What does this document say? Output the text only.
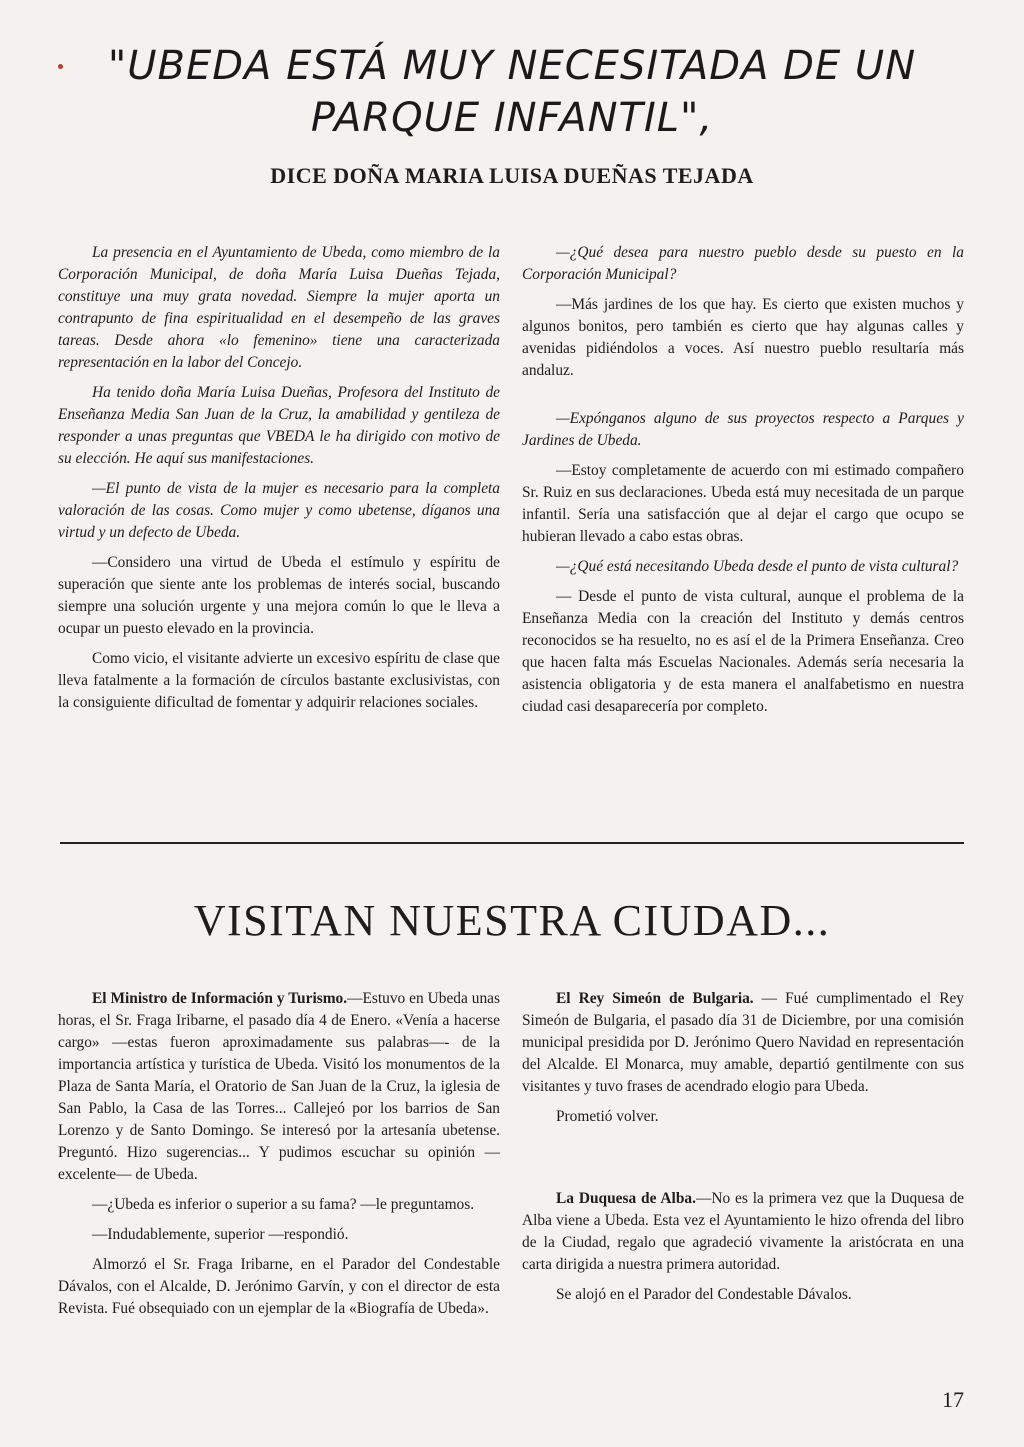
"UBEDA ESTÁ MUY NECESITADA DE UN PARQUE INFANTIL",
DICE DOÑA MARIA LUISA DUEÑAS TEJADA

La presencia en el Ayuntamiento de Ubeda, como miembro de la Corporación Municipal, de doña María Luisa Dueñas Tejada, constituye una muy grata novedad. Siempre la mujer aporta un contrapunto de fina espiritualidad en el desempeño de las graves tareas. Desde ahora «lo femenino» tiene una caracterizada representación en la labor del Concejo.

Ha tenido doña María Luisa Dueñas, Profesora del Instituto de Enseñanza Media San Juan de la Cruz, la amabilidad y gentileza de responder a unas preguntas que VBEDA le ha dirigido con motivo de su elección. He aquí sus manifestaciones.

—El punto de vista de la mujer es necesario para la completa valoración de las cosas. Como mujer y como ubetense, díganos una virtud y un defecto de Ubeda.

—Considero una virtud de Ubeda el estímulo y espíritu de superación que siente ante los problemas de interés social, buscando siempre una solución urgente y una mejora común lo que le lleva a ocupar un puesto elevado en la provincia.

Como vicio, el visitante advierte un excesivo espíritu de clase que lleva fatalmente a la formación de círculos bastante exclusivistas, con la consiguiente dificultad de fomentar y adquirir relaciones sociales.

—¿Qué desea para nuestro pueblo desde su puesto en la Corporación Municipal?

—Más jardines de los que hay. Es cierto que existen muchos y algunos bonitos, pero también es cierto que hay algunas calles y avenidas pidiéndolos a voces. Así nuestro pueblo resultaría más andaluz.

—Expónganos alguno de sus proyectos respecto a Parques y Jardines de Ubeda.

—Estoy completamente de acuerdo con mi estimado compañero Sr. Ruiz en sus declaraciones. Ubeda está muy necesitada de un parque infantil. Sería una satisfacción que al dejar el cargo que ocupo se hubieran llevado a cabo estas obras.

—¿Qué está necesitando Ubeda desde el punto de vista cultural?

— Desde el punto de vista cultural, aunque el problema de la Enseñanza Media con la creación del Instituto y demás centros reconocidos se ha resuelto, no es así el de la Primera Enseñanza. Creo que hacen falta más Escuelas Nacionales. Además sería necesaria la asistencia obligatoria y de esta manera el analfabetismo en nuestra ciudad casi desaparecería por completo.

VISITAN NUESTRA CIUDAD...

El Ministro de Información y Turismo.—Estuvo en Ubeda unas horas, el Sr. Fraga Iribarne, el pasado día 4 de Enero. «Venía a hacerse cargo» —estas fueron aproximadamente sus palabras—- de la importancia artística y turística de Ubeda. Visitó los monumentos de la Plaza de Santa María, el Oratorio de San Juan de la Cruz, la iglesia de San Pablo, la Casa de las Torres... Callejeó por los barrios de San Lorenzo y de Santo Domingo. Se interesó por la artesanía ubetense. Preguntó. Hizo sugerencias... Y pudimos escuchar su opinión —excelente— de Ubeda.

—¿Ubeda es inferior o superior a su fama? —le preguntamos.

—Indudablemente, superior —respondió.

Almorzó el Sr. Fraga Iribarne, en el Parador del Condestable Dávalos, con el Alcalde, D. Jerónimo Garvín, y con el director de esta Revista. Fué obsequiado con un ejemplar de la «Biografía de Ubeda».

El Rey Simeón de Bulgaria. — Fué cumplimentado el Rey Simeón de Bulgaria, el pasado día 31 de Diciembre, por una comisión municipal presidida por D. Jerónimo Quero Navidad en representación del Alcalde. El Monarca, muy amable, departió gentilmente con sus visitantes y tuvo frases de acendrado elogio para Ubeda.

Prometió volver.

La Duquesa de Alba.—No es la primera vez que la Duquesa de Alba viene a Ubeda. Esta vez el Ayuntamiento le hizo ofrenda del libro de la Ciudad, regalo que agradeció vivamente la aristócrata en una carta dirigida a nuestra primera autoridad.

Se alojó en el Parador del Condestable Dávalos.

17
